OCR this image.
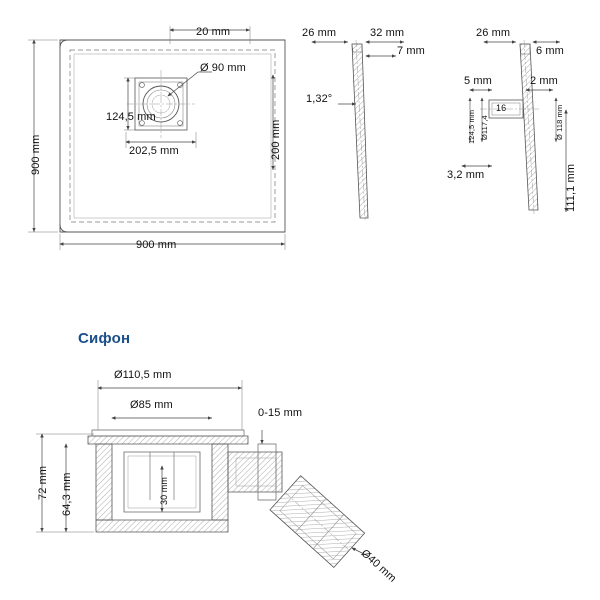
20 mm
Ø 90 mm
124,5 mm
202,5 mm	200 mm
900 mm
900 mm
26 mm	32 mm
7 mm
1,32°
26 mm
6 mm
5 mm	2 mm
16
124,5 mm Ø117,4	Ø 118 mm
3,2 mm	111,1 mm
Сифон
Ø110,5 mm
Ø85 mm
0-15 mm
72 mm 64,3 mm	30 mm
Ø40 mm
